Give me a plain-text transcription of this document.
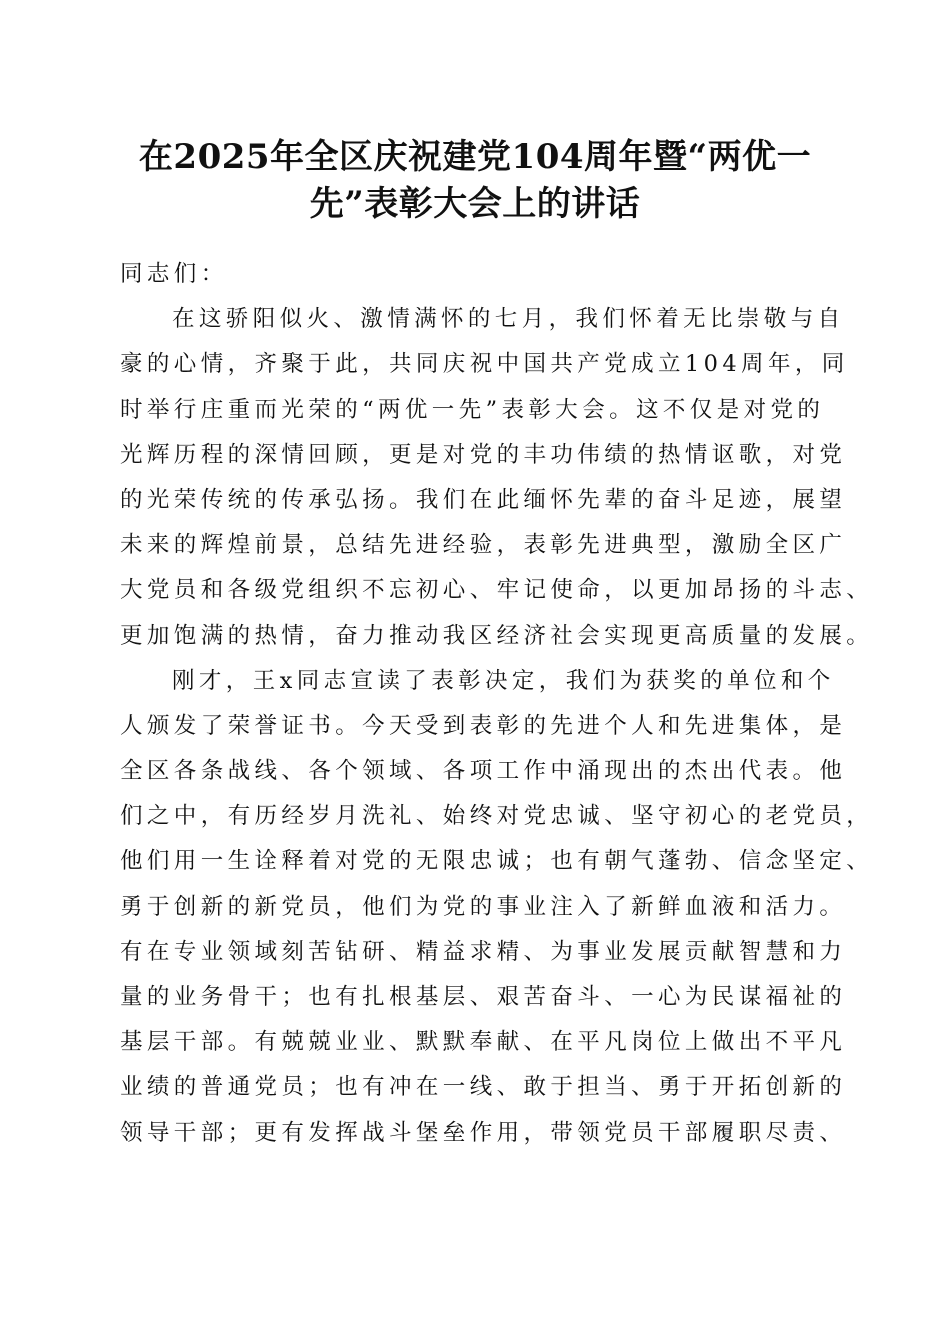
在2025年全区庆祝建党104周年暨“两优一
先”表彰大会上的讲话
同志们：
在这骄阳似火、激情满怀的七月，我们怀着无比崇敬与自
豪的心情，齐聚于此，共同庆祝中国共产党成立104周年，同
时举行庄重而光荣的“两优一先”表彰大会。这不仅是对党的
光辉历程的深情回顾，更是对党的丰功伟绩的热情讴歌，对党
的光荣传统的传承弘扬。我们在此缅怀先辈的奋斗足迹，展望
未来的辉煌前景，总结先进经验，表彰先进典型，激励全区广
大党员和各级党组织不忘初心、牢记使命，以更加昂扬的斗志、
更加饱满的热情，奋力推动我区经济社会实现更高质量的发展。
刚才，王x同志宣读了表彰决定，我们为获奖的单位和个
人颁发了荣誉证书。今天受到表彰的先进个人和先进集体，是
全区各条战线、各个领域、各项工作中涌现出的杰出代表。他
们之中，有历经岁月洗礼、始终对党忠诚、坚守初心的老党员，
他们用一生诠释着对党的无限忠诚；也有朝气蓬勃、信念坚定、
勇于创新的新党员，他们为党的事业注入了新鲜血液和活力。
有在专业领域刻苦钻研、精益求精、为事业发展贡献智慧和力
量的业务骨干；也有扎根基层、艰苦奋斗、一心为民谋福祉的
基层干部。有兢兢业业、默默奉献、在平凡岗位上做出不平凡
业绩的普通党员；也有冲在一线、敢于担当、勇于开拓创新的
领导干部；更有发挥战斗堡垒作用，带领党员干部履职尽责、
